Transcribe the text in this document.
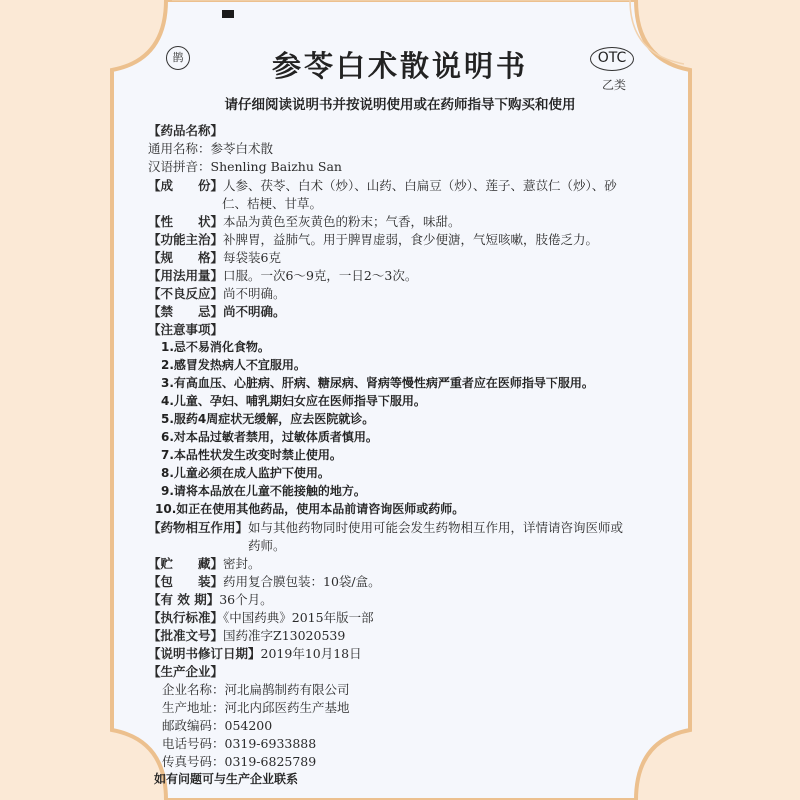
鹊	参苓白术散说明书	OTC
乙类
请仔细阅读说明书并按说明使用或在药师指导下购买和使用
【药品名称】
通用名称：参苓白术散
汉语拼音：Shenling Baizhu San
【成　　份】人参、茯苓、白术（炒）、山药、白扁豆（炒）、莲子、薏苡仁（炒）、砂
仁、桔梗、甘草。
【性　　状】本品为黄色至灰黄色的粉末；气香，味甜。
【功能主治】补脾胃，益肺气。用于脾胃虚弱，食少便溏，气短咳嗽，肢倦乏力。
【规　　格】每袋装6克
【用法用量】口服。一次6～9克，一日2～3次。
【不良反应】尚不明确。
【禁　　忌】尚不明确。
【注意事项】
1.忌不易消化食物。
2.感冒发热病人不宜服用。
3.有高血压、心脏病、肝病、糖尿病、肾病等慢性病严重者应在医师指导下服用。
4.儿童、孕妇、哺乳期妇女应在医师指导下服用。
5.服药4周症状无缓解，应去医院就诊。
6.对本品过敏者禁用，过敏体质者慎用。
7.本品性状发生改变时禁止使用。
8.儿童必须在成人监护下使用。
9.请将本品放在儿童不能接触的地方。
10.如正在使用其他药品，使用本品前请咨询医师或药师。
【药物相互作用】如与其他药物同时使用可能会发生药物相互作用，详情请咨询医师或
药师。
【贮　　藏】密封。
【包　　装】药用复合膜包装：10袋/盒。
【有 效 期】36个月。
【执行标准】《中国药典》2015年版一部
【批准文号】国药准字Z13020539
【说明书修订日期】2019年10月18日
【生产企业】
企业名称：河北扁鹊制药有限公司
生产地址：河北内邱医药生产基地
邮政编码：054200
电话号码：0319-6933888
传真号码：0319-6825789
如有问题可与生产企业联系
